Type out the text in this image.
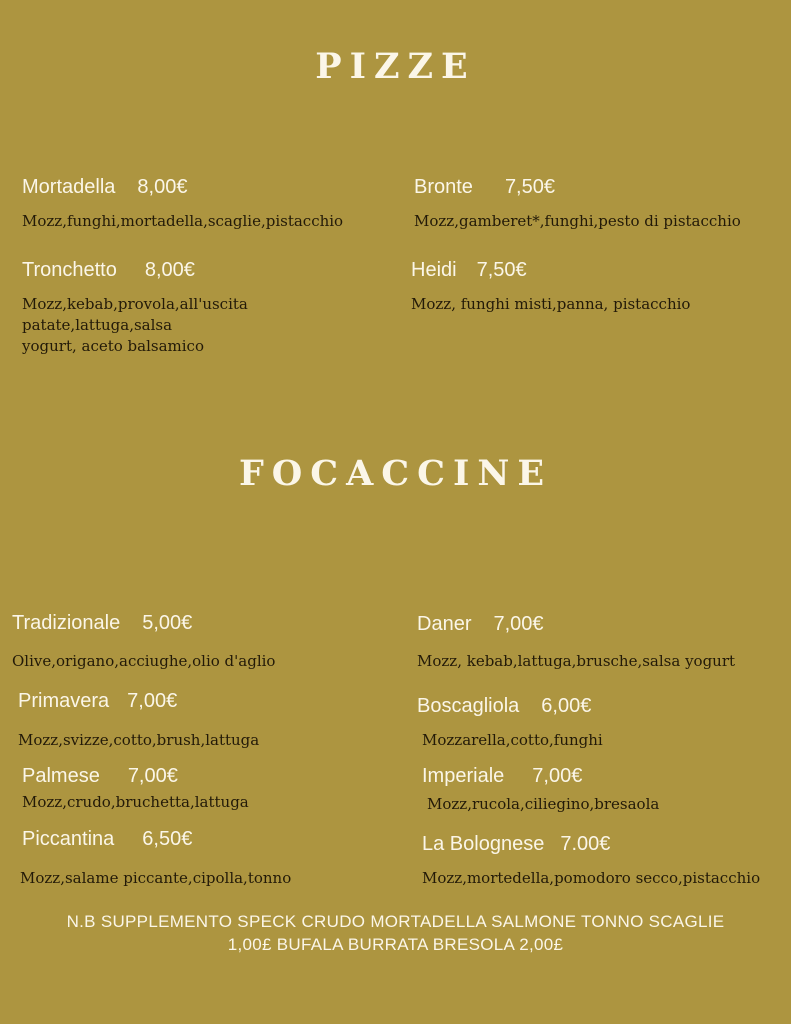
PIZZE
Mortadella 8,00€
Mozz,funghi,mortadella,scaglie,pistacchio
Bronte 7,50€
Mozz,gamberet*,funghi,pesto di pistacchio
Tronchetto 8,00€
Mozz,kebab,provola,all'uscita
patate,lattuga,salsa
yogurt, aceto balsamico
Heidi 7,50€
Mozz, funghi misti,panna, pistacchio
FOCACCINE
Tradizionale 5,00€
Olive,origano,acciughe,olio d'aglio
Daner 7,00€
Mozz, kebab,lattuga,brusche,salsa yogurt
Primavera 7,00€
Mozz,svizze,cotto,brush,lattuga
Boscagliola 6,00€
Mozzarella,cotto,funghi
Palmese 7,00€
Mozz,crudo,bruchetta,lattuga
Imperiale 7,00€
Mozz,rucola,ciliegino,bresaola
Piccantina 6,50€
Mozz,salame piccante,cipolla,tonno
La Bolognese 7.00€
Mozz,mortedella,pomodoro secco,pistacchio
N.B SUPPLEMENTO SPECK CRUDO MORTADELLA SALMONE TONNO SCAGLIE
1,00£ BUFALA BURRATA BRESOLA 2,00£
